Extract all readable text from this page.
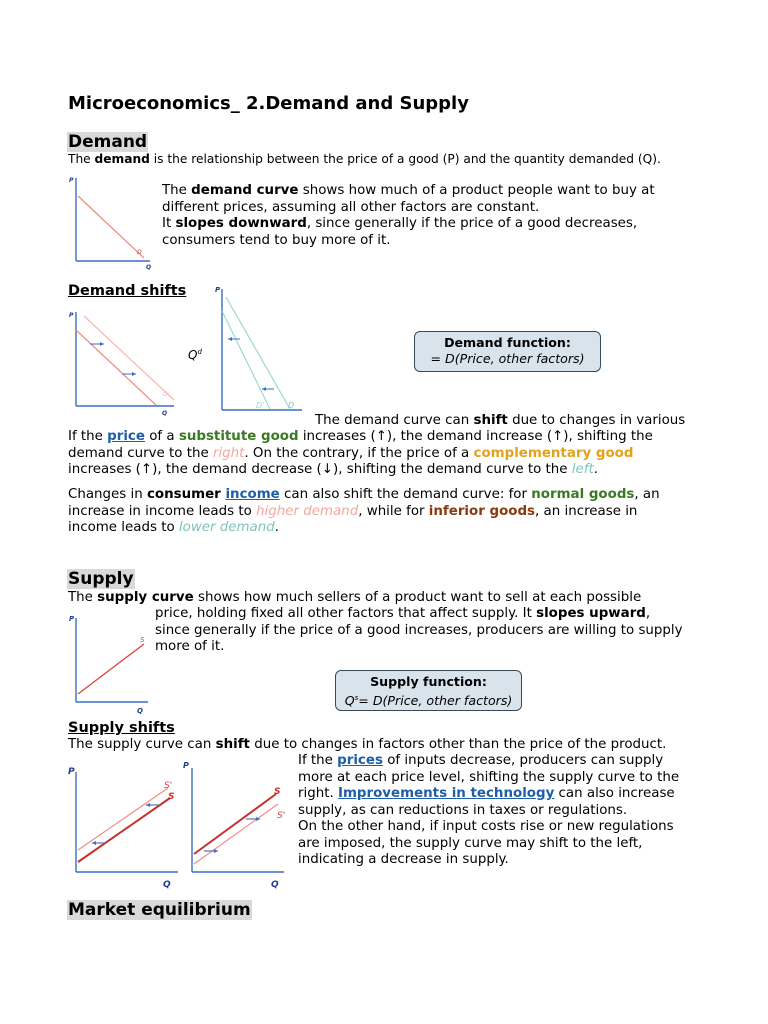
Microeconomics_ 2.Demand and Supply
Demand
The demand is the relationship between the price of a good (P) and the quantity demanded (Q).
P
Q
D
The demand curve shows how much of a product people want to buy at different prices, assuming all other factors are constant.
It slopes downward, since generally if the price of a good decreases, consumers tend to buy more of it.
Demand shifts
P
Q
D'
$Q^d$
P
D'	D
Demand function:
= D(Price, other factors)
The demand curve can shift due to changes in various
If the price of a substitute good increases (↑), the demand increase (↑), shifting the
demand curve to the right. On the contrary, if the price of a complementary good
increases (↑), the demand decrease (↓), shifting the demand curve to the left.
Changes in consumer income can also shift the demand curve: for normal goods, an
increase in income leads to higher demand, while for inferior goods, an increase in
income leads to lower demand.
Supply
The supply curve shows how much sellers of a product want to sell at each possible
price, holding fixed all other factors that affect supply. It slopes upward,
since generally if the price of a good increases, producers are willing to supply
more of it.
P
Q
S
Supply function:
$Q^s=$ D(Price, other factors)
Supply shifts
The supply curve can shift due to changes in factors other than the price of the product.
P
Q
S'
S
P
Q
S
S'
If the prices of inputs decrease, producers can supply
more at each price level, shifting the supply curve to the
right. Improvements in technology can also increase
supply, as can reductions in taxes or regulations.
On the other hand, if input costs rise or new regulations
are imposed, the supply curve may shift to the left,
indicating a decrease in supply.
Market equilibrium
